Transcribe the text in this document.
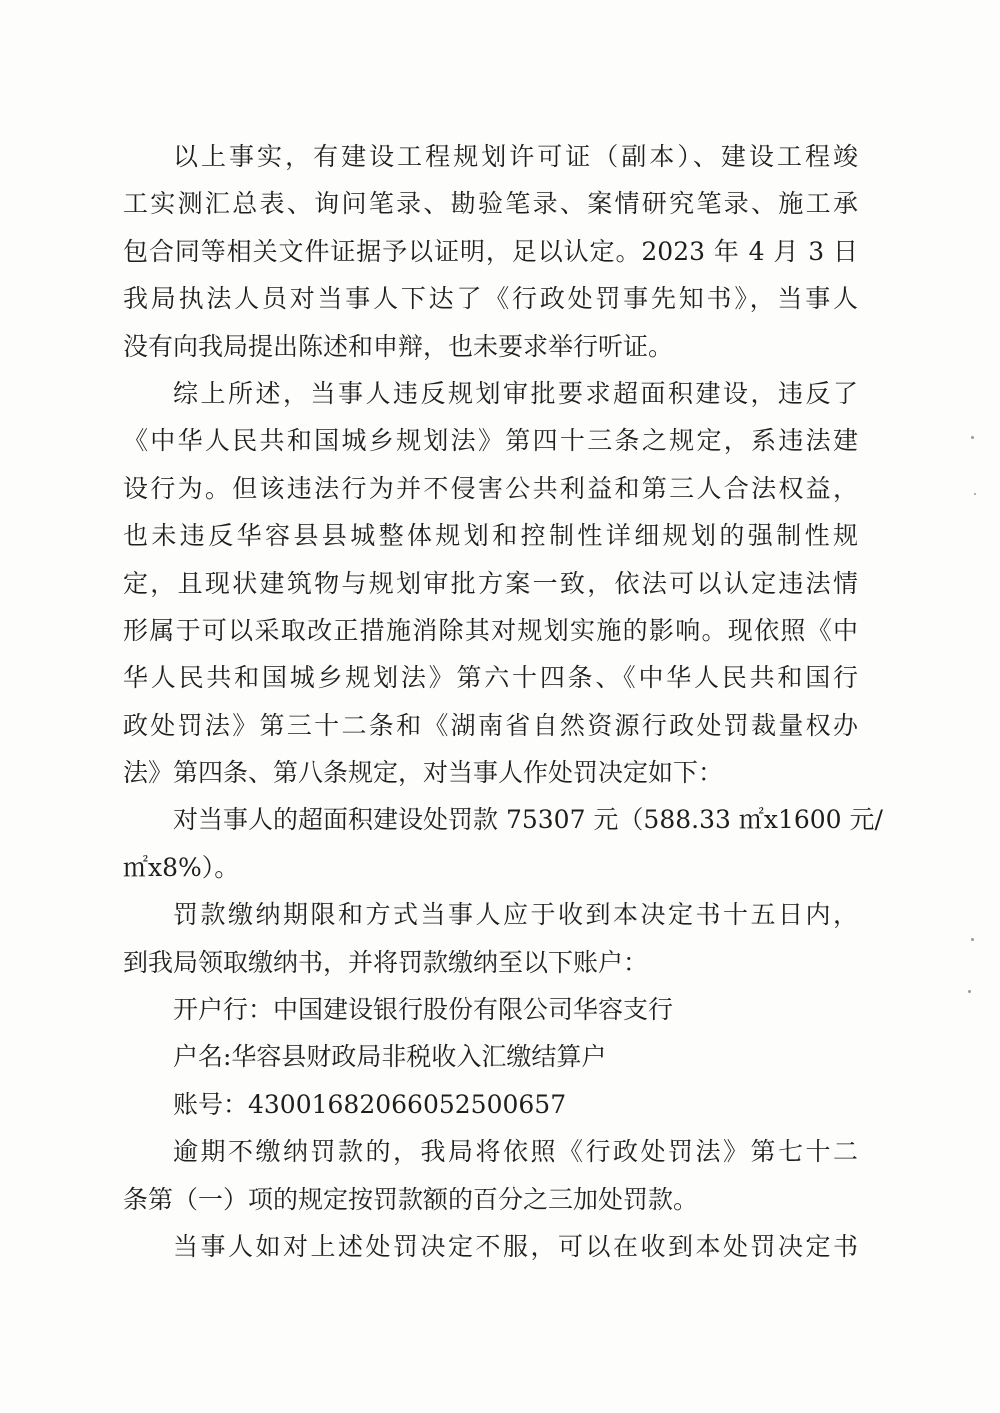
以上事实，有建设工程规划许可证（副本）、建设工程竣
工实测汇总表、询问笔录、勘验笔录、案情研究笔录、施工承
包合同等相关文件证据予以证明，足以认定。2023 年 4 月 3 日
我局执法人员对当事人下达了《行政处罚事先知书》，当事人
没有向我局提出陈述和申辩，也未要求举行听证。
综上所述，当事人违反规划审批要求超面积建设，违反了
《中华人民共和国城乡规划法》第四十三条之规定，系违法建
设行为。但该违法行为并不侵害公共利益和第三人合法权益，
也未违反华容县县城整体规划和控制性详细规划的强制性规
定，且现状建筑物与规划审批方案一致，依法可以认定违法情
形属于可以采取改正措施消除其对规划实施的影响。现依照《中
华人民共和国城乡规划法》第六十四条、《中华人民共和国行
政处罚法》第三十二条和《湖南省自然资源行政处罚裁量权办
法》第四条、第八条规定，对当事人作处罚决定如下：
对当事人的超面积建设处罚款 75307 元（588.33 ㎡x1600 元/
㎡x8%）。
罚款缴纳期限和方式当事人应于收到本决定书十五日内，
到我局领取缴纳书，并将罚款缴纳至以下账户：
开户行：中国建设银行股份有限公司华容支行
户名:华容县财政局非税收入汇缴结算户
账号：43001682066052500657
逾期不缴纳罚款的，我局将依照《行政处罚法》第七十二
条第（一）项的规定按罚款额的百分之三加处罚款。
当事人如对上述处罚决定不服，可以在收到本处罚决定书
